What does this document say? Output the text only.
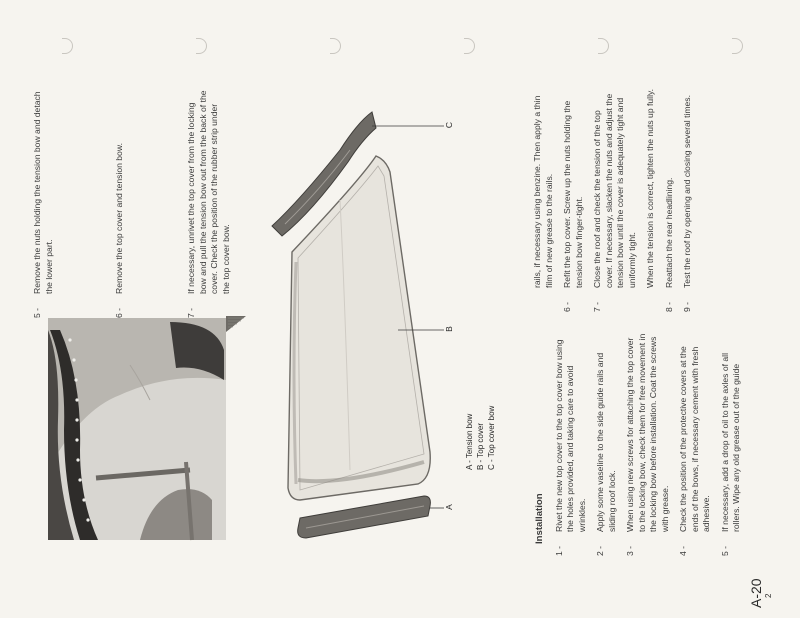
C
B
A
A - Tension bow B - Top cover C - Top cover bow

5 -Remove the nuts holding the tension bow and detach the lower part.

6 -Remove the top cover and tension bow.

7 -If necessary, unrivet the top cover from the locking bow and pull the tension bow out from the back of the cover. Check the position of the rubber strip under the top cover bow.

Installation

1 -Rivet the new top cover to the top cover bow using the holes provided, and taking care to avoid wrinkles.

2 -Apply some vaseline to the side guide rails and sliding roof lock.

3 -When using new screws for attaching the top cover to the locking bow, check them for free movement in the locking bow before installation. Coat the screws with grease.

4 -Check the position of the protective covers at the ends of the bows, if necessary cement with fresh adhesive.

5 -If necessary, add a drop of oil to the axles of all rollers. Wipe any old grease out of the guide

rails, if necessary using benzine. Then apply a thin film of new grease to the rails.

6 -Refit the top cover. Screw up the nuts holding the tension bow finger-tight.

7 -Close the roof and check the tension of the top cover. If necessary, slacken the nuts and adjust the tension bow until the cover is adequately tight and uniformly tight. When the tension is correct, tighten the nuts up fully.

8 -Reattach the rear headlining.

9 -Test the roof by opening and closing several times.

A-20 2
